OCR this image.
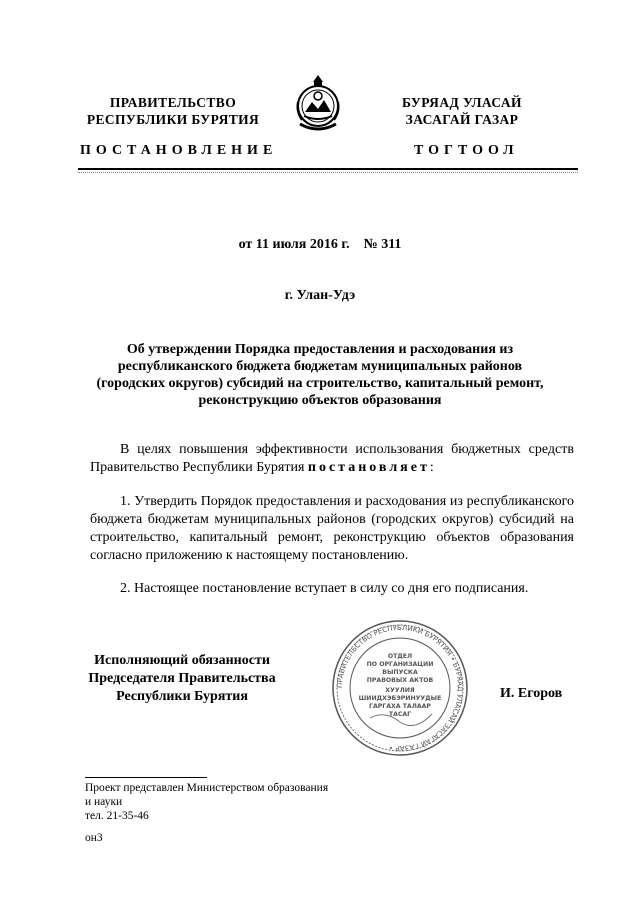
ПРАВИТЕЛЬСТВО
РЕСПУБЛИКИ БУРЯТИЯ
БУРЯАД УЛАСАЙ
ЗАСАГАЙ ГАЗАР
ПОСТАНОВЛЕНИЕ	ТОГТООЛ
от 11 июля 2016 г.    № 311
г. Улан-Удэ
Об утверждении Порядка предоставления и расходования из республиканского бюджета бюджетам муниципальных районов (городских округов) субсидий на строительство, капитальный ремонт, реконструкцию объектов образования
В целях повышения эффективности использования бюджетных средств Правительство Республики Бурятия постановляет:
1. Утвердить Порядок предоставления и расходования из республиканского бюджета бюджетам муниципальных районов (городских округов) субсидий на строительство, капитальный ремонт, реконструкцию объектов образования согласно приложению к настоящему постановлению.
2. Настоящее постановление вступает в силу со дня его подписания.
Исполняющий обязанности
Председателя Правительства
Республики Бурятия
ПРАВИТЕЛЬСТВО РЕСПУБЛИКИ БУРЯТИЯ • БУРЯАД УЛАСАЙ ЗАСАГАЙ ГАЗАР •
ОТДЕЛ
ПО ОРГАНИЗАЦИИ
ВЫПУСКА
ПРАВОВЫХ АКТОВ
ХУУЛИЯ
ШИИДХЭБЭРИНУУДЫЕ
ГАРГАХА ТАЛААР
ТАСАГ
И. Егоров
Проект представлен Министерством образования
и науки
тел. 21-35-46
он3
